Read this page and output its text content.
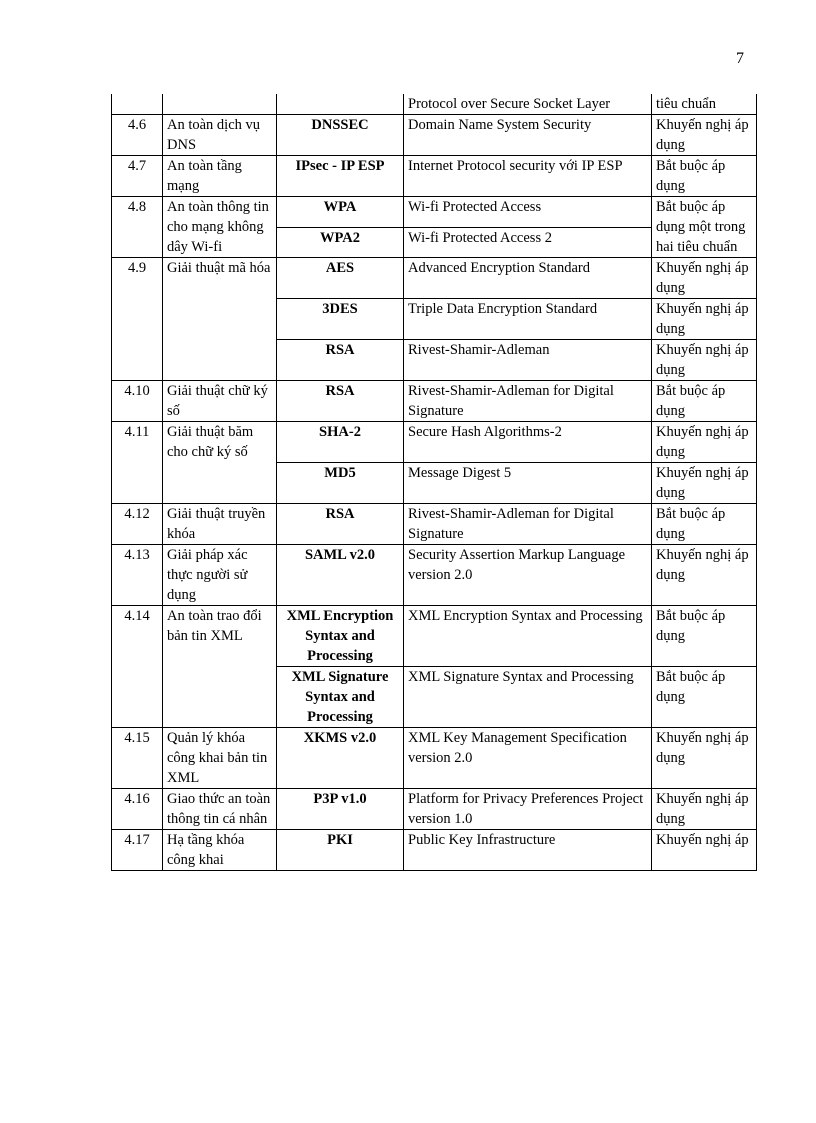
7
			Protocol over Secure Socket Layer	tiêu chuẩn
4.6	An toàn dịch vụ DNS	DNSSEC	Domain Name System Security	Khuyến nghị áp dụng
4.7	An toàn tầng mạng	IPsec - IP ESP	Internet Protocol security với IP ESP	Bắt buộc áp dụng
4.8	An toàn thông tin cho mạng không dây Wi-fi	WPA	Wi-fi Protected Access	Bắt buộc áp dụng một trong hai tiêu chuẩn
		WPA2	Wi-fi Protected Access 2	
4.9	Giải thuật mã hóa	AES	Advanced Encryption Standard	Khuyến nghị áp dụng
		3DES	Triple Data Encryption Standard	Khuyến nghị áp dụng
		RSA	Rivest-Shamir-Adleman	Khuyến nghị áp dụng
4.10	Giải thuật chữ ký số	RSA	Rivest-Shamir-Adleman for Digital Signature	Bắt buộc áp dụng
4.11	Giải thuật băm cho chữ ký số	SHA-2	Secure Hash Algorithms-2	Khuyến nghị áp dụng
		MD5	Message Digest 5	Khuyến nghị áp dụng
4.12	Giải thuật truyền khóa	RSA	Rivest-Shamir-Adleman for Digital Signature	Bắt buộc áp dụng
4.13	Giải pháp xác thực người sử dụng	SAML v2.0	Security Assertion Markup Language version 2.0	Khuyến nghị áp dụng
4.14	An toàn trao đổi bản tin XML	XML Encryption Syntax and Processing	XML Encryption Syntax and Processing	Bắt buộc áp dụng
		XML Signature Syntax and Processing	XML Signature Syntax and Processing	Bắt buộc áp dụng
4.15	Quản lý khóa công khai bản tin XML	XKMS v2.0	XML Key Management Specification version 2.0	Khuyến nghị áp dụng
4.16	Giao thức an toàn thông tin cá nhân	P3P v1.0	Platform for Privacy Preferences Project version 1.0	Khuyến nghị áp dụng
4.17	Hạ tầng khóa công khai	PKI	Public Key Infrastructure	Khuyến nghị áp
